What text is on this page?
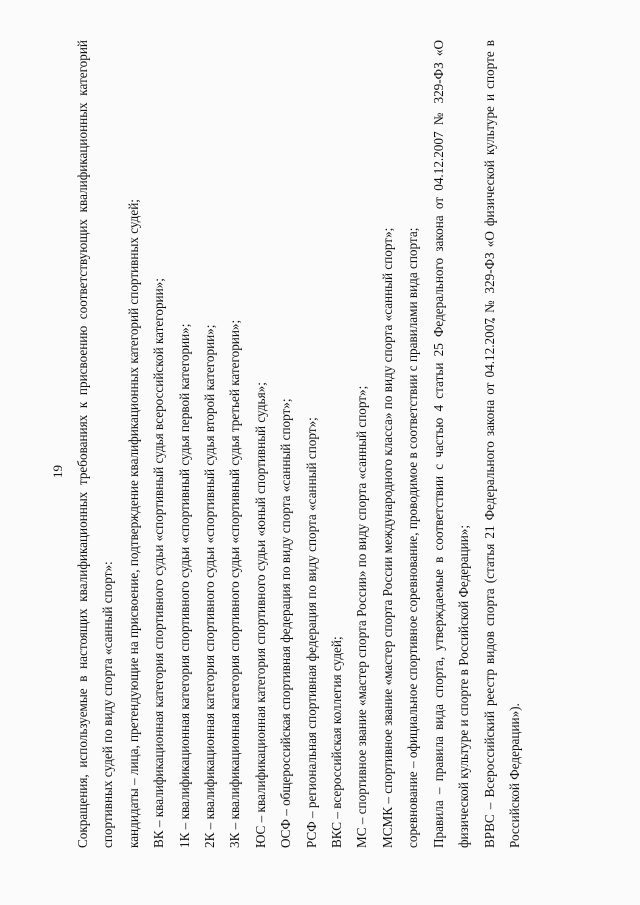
19 Сокращения, используемые в настоящих квалификационных требованиях к присвоению соответствующих квалификационных категорий спортивных судей по виду спорта «санный спорт»: кандидаты – лица, претендующие на присвоение, подтверждение квалификационных категорий спортивных судей; ВК – квалификационная категория спортивного судьи «спортивный судья всероссийской категории»; 1К – квалификационная категория спортивного судьи «спортивный судья первой категории»; 2К – квалификационная категория спортивного судьи «спортивный судья второй категории»; 3К – квалификационная категория спортивного судьи «спортивный судья третьей категории»; ЮС – квалификационная категория спортивного судьи «юный спортивный судья»; ОСФ – общероссийская спортивная федерация по виду спорта «санный спорт»; РСФ – региональная спортивная федерация по виду спорта «санный спорт»; ВКС – всероссийская коллегия судей; МС – спортивное звание «мастер спорта России» по виду спорта «санный спорт»; МСМК – спортивное звание «мастер спорта России международного класса» по виду спорта «санный спорт»; соревнование – официальное спортивное соревнование, проводимое в соответствии с правилами вида спорта; Правила – правила вида спорта, утверждаемые в соответствии с частью 4 статьи 25 Федерального закона от 04.12.2007 № 329-ФЗ «О физической культуре и спорте в Российской Федерации»; ВРВС – Всероссийский реестр видов спорта (статья 21 Федерального закона от 04.12.2007 № 329-ФЗ «О физической культуре и спорте в Российской Федерации»).
